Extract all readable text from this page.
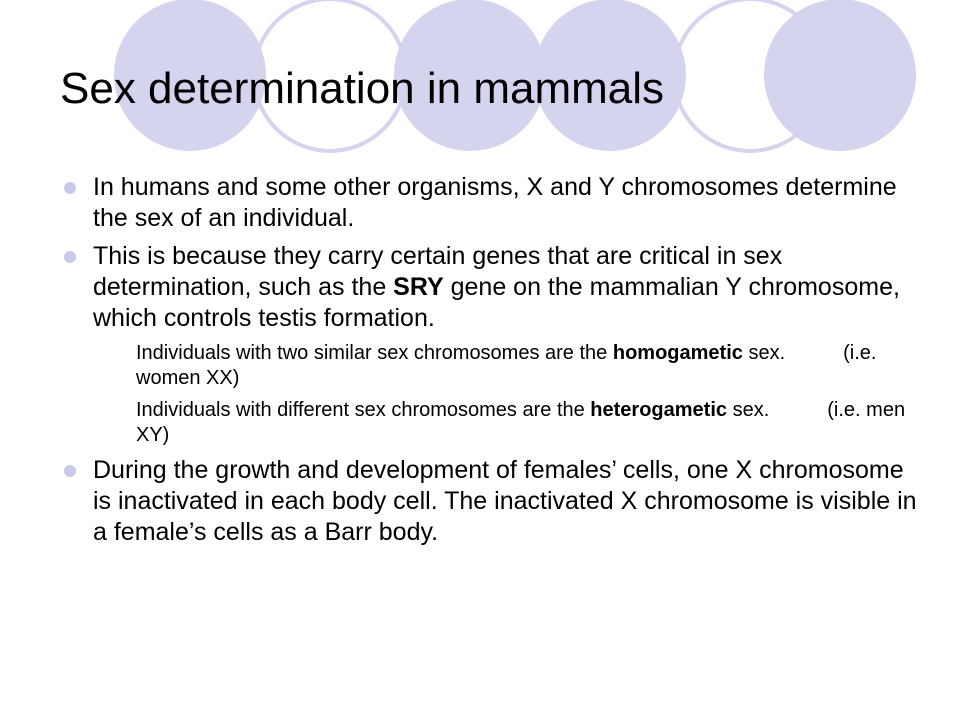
Sex determination in mammals
In humans and some other organisms, X and Y chromosomes determine the sex of an individual.
This is because they carry certain genes that are critical in sex determination, such as the SRY gene on the mammalian Y chromosome, which controls testis formation.
Individuals with two similar sex chromosomes are the homogametic sex.	(i.e. women XX)
Individuals with different sex chromosomes are the heterogametic sex.	(i.e. men XY)
During the growth and development of females’ cells, one X chromosome is inactivated in each body cell. The inactivated X chromosome is visible in a female’s cells as a Barr body.
